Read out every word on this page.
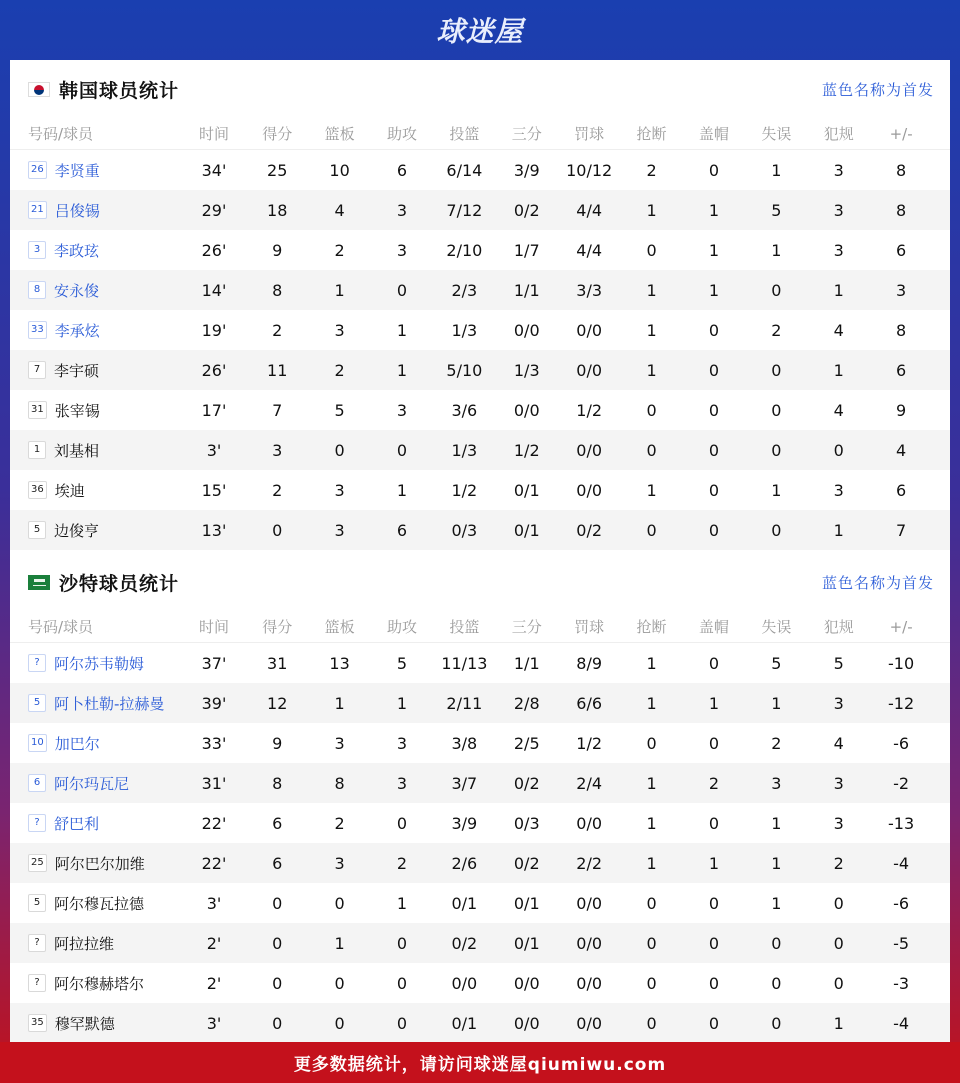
球迷屋
韩国球员统计	蓝色名称为首发
号码/球员	时间	得分	篮板	助攻	投篮	三分	罚球	抢断	盖帽	失误	犯规	+/-
26 李贤重	34'	25	10	6	6/14	3/9	10/12	2	0	1	3	8
21 吕俊锡	29'	18	4	3	7/12	0/2	4/4	1	1	5	3	8
3 李政玹	26'	9	2	3	2/10	1/7	4/4	0	1	1	3	6
8 安永俊	14'	8	1	0	2/3	1/1	3/3	1	1	0	1	3
33 李承炫	19'	2	3	1	1/3	0/0	0/0	1	0	2	4	8
7 李宇硕	26'	11	2	1	5/10	1/3	0/0	1	0	0	1	6
31 张宰锡	17'	7	5	3	3/6	0/0	1/2	0	0	0	4	9
1 刘基相	3'	3	0	0	1/3	1/2	0/0	0	0	0	0	4
36 埃迪	15'	2	3	1	1/2	0/1	0/0	1	0	1	3	6
5 边俊亨	13'	0	3	6	0/3	0/1	0/2	0	0	0	1	7
沙特球员统计	蓝色名称为首发
号码/球员	时间	得分	篮板	助攻	投篮	三分	罚球	抢断	盖帽	失误	犯规	+/-
? 阿尔苏韦勒姆	37'	31	13	5	11/13	1/1	8/9	1	0	5	5	-10
5 阿卜杜勒-拉赫曼	39'	12	1	1	2/11	2/8	6/6	1	1	1	3	-12
10 加巴尔	33'	9	3	3	3/8	2/5	1/2	0	0	2	4	-6
6 阿尔玛瓦尼	31'	8	8	3	3/7	0/2	2/4	1	2	3	3	-2
? 舒巴利	22'	6	2	0	3/9	0/3	0/0	1	0	1	3	-13
25 阿尔巴尔加维	22'	6	3	2	2/6	0/2	2/2	1	1	1	2	-4
5 阿尔穆瓦拉德	3'	0	0	1	0/1	0/1	0/0	0	0	1	0	-6
? 阿拉拉维	2'	0	1	0	0/2	0/1	0/0	0	0	0	0	-5
? 阿尔穆赫塔尔	2'	0	0	0	0/0	0/0	0/0	0	0	0	0	-3
35 穆罕默德	3'	0	0	0	0/1	0/0	0/0	0	0	0	1	-4
更多数据统计，请访问球迷屋qiumiwu.com
